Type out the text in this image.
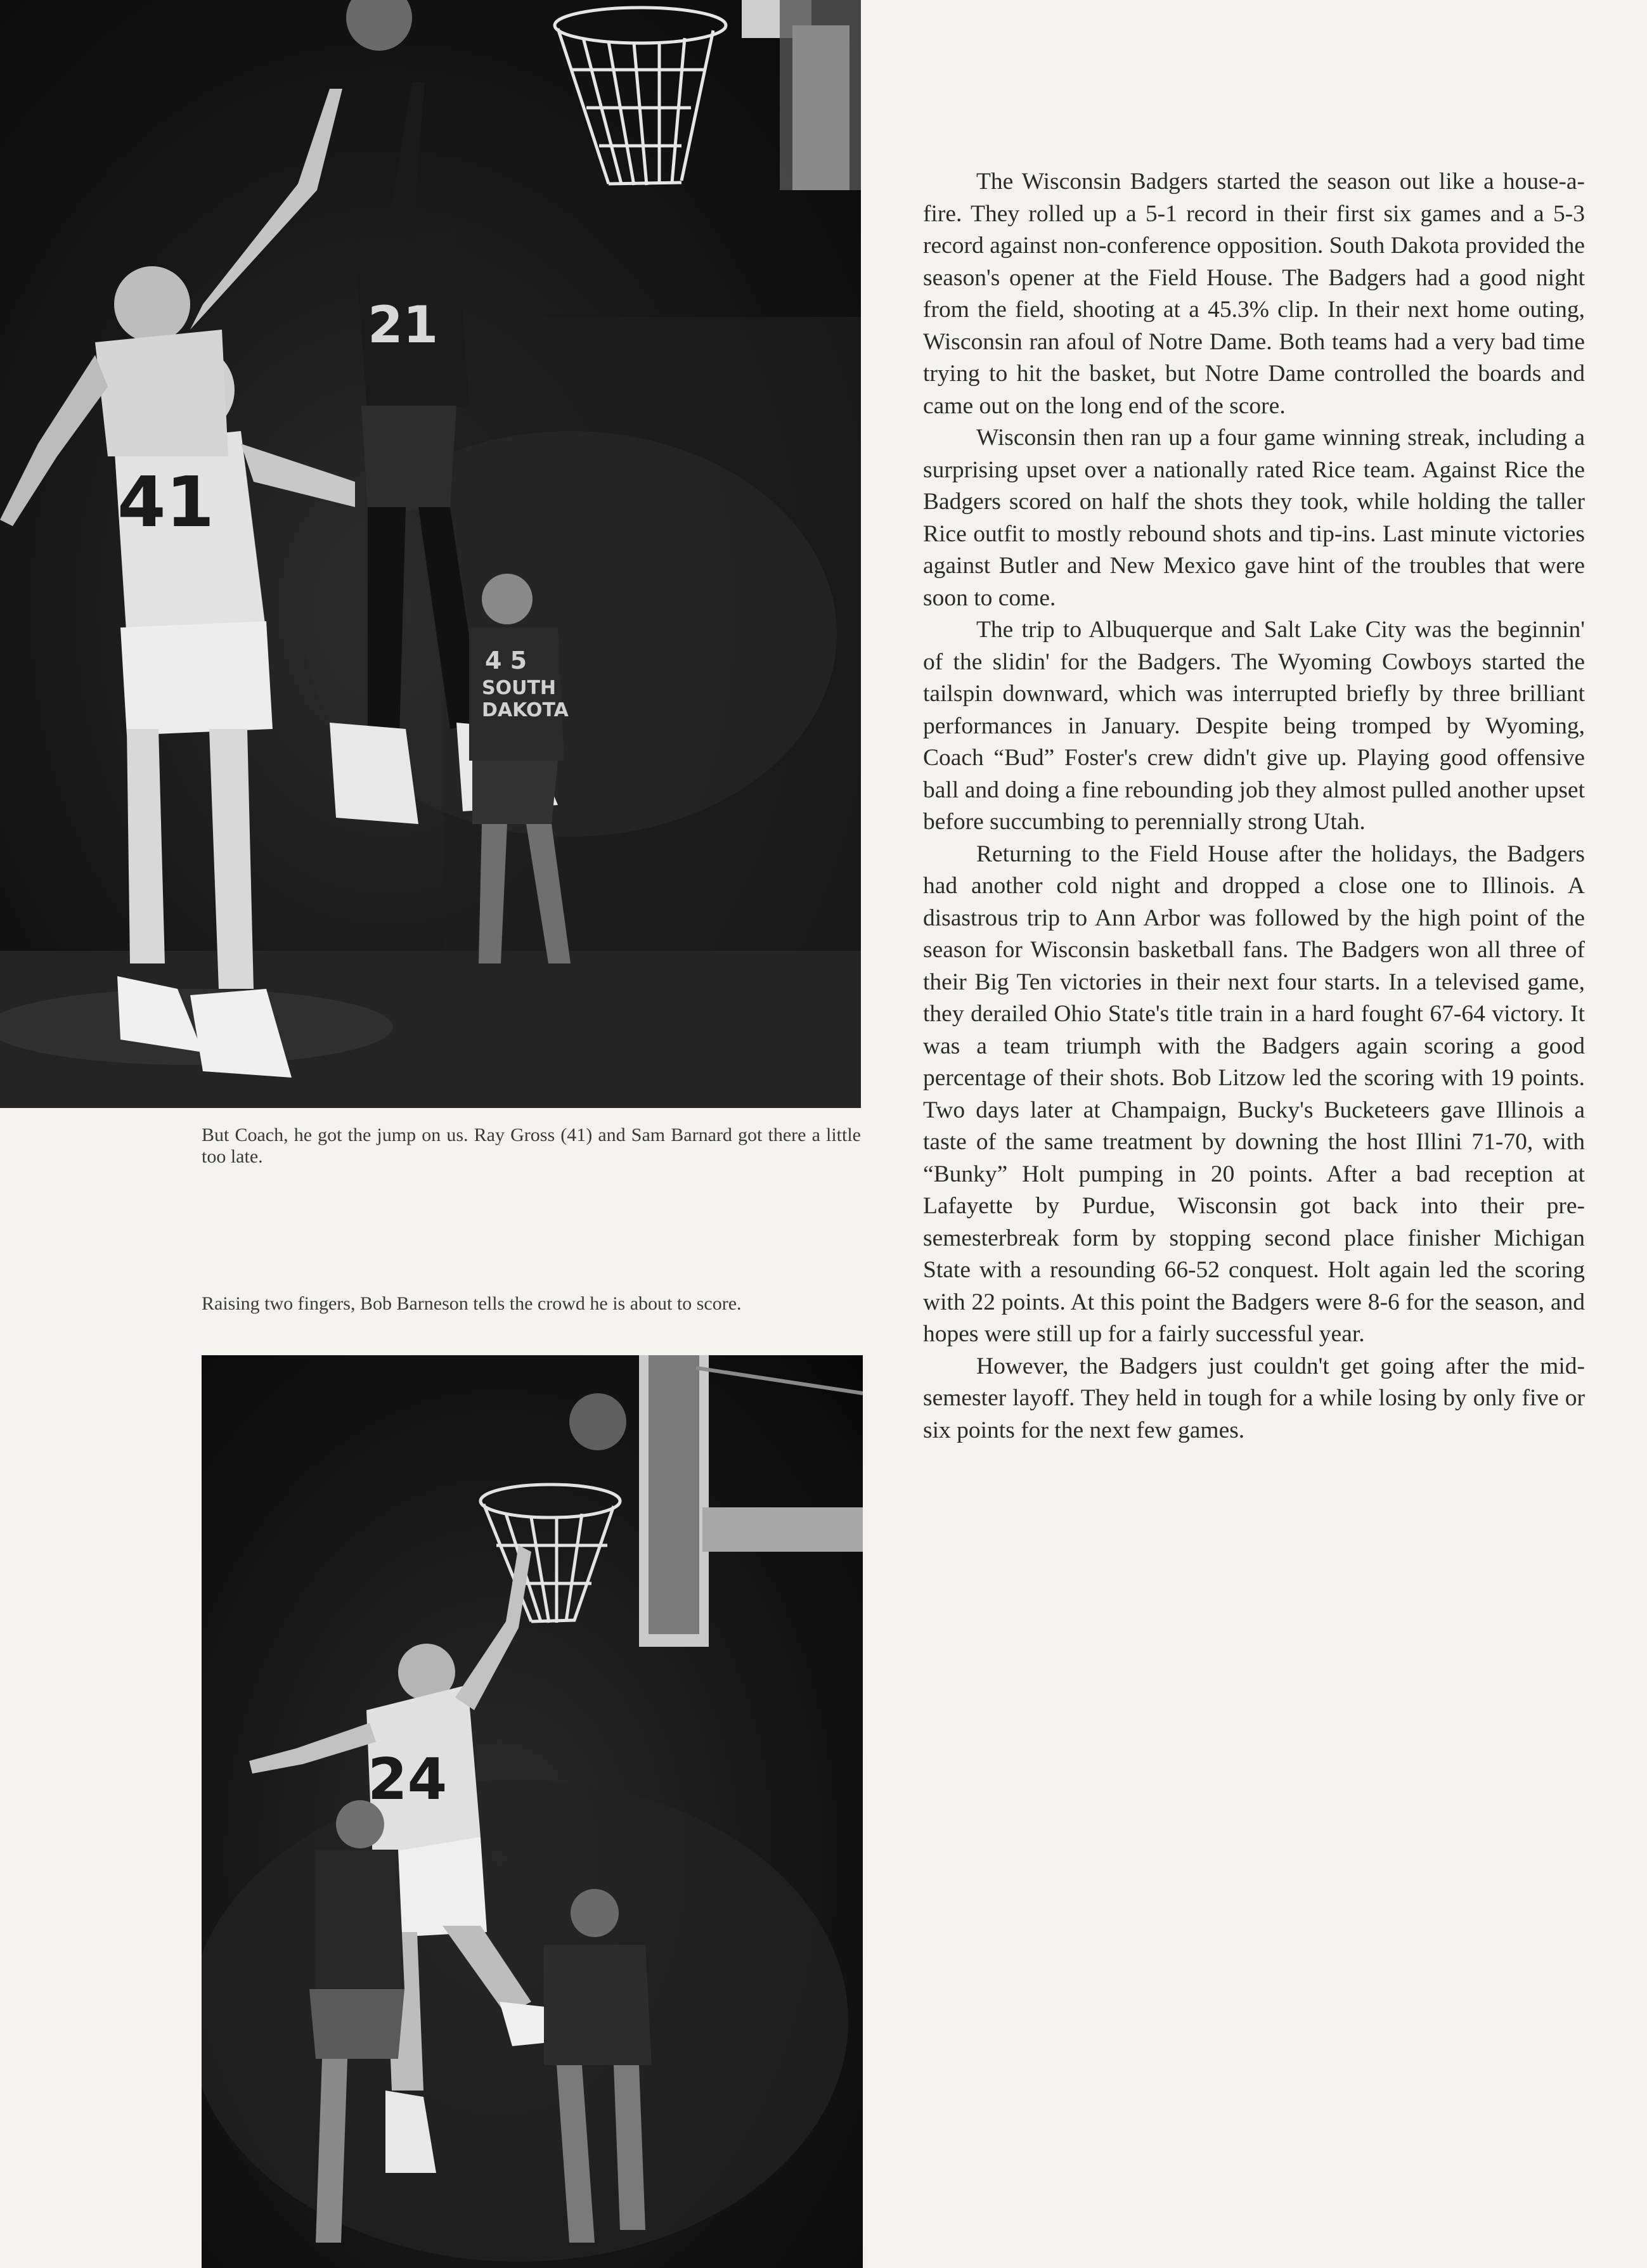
41
21
4 5
SOUTH
DAKOTA

But Coach, he got the jump on us. Ray Gross (41) and Sam Barnard got there a little too late.

Raising two fingers, Bob Barneson tells the crowd he is about to score.

24

The Wisconsin Badgers started the season out like a house-a-fire. They rolled up a 5-1 record in their first six games and a 5-3 record against non-conference opposition. South Dakota provided the season's opener at the Field House. The Badgers had a good night from the field, shooting at a 45.3% clip. In their next home outing, Wisconsin ran afoul of Notre Dame. Both teams had a very bad time trying to hit the basket, but Notre Dame controlled the boards and came out on the long end of the score.

Wisconsin then ran up a four game winning streak, including a surprising upset over a nationally rated Rice team. Against Rice the Badgers scored on half the shots they took, while holding the taller Rice outfit to mostly rebound shots and tip-ins. Last minute victories against Butler and New Mexico gave hint of the troubles that were soon to come.

The trip to Albuquerque and Salt Lake City was the beginnin' of the slidin' for the Badgers. The Wyoming Cowboys started the tailspin downward, which was interrupted briefly by three brilliant performances in January. Despite being tromped by Wyoming, Coach “Bud” Foster's crew didn't give up. Playing good offensive ball and doing a fine rebounding job they almost pulled another upset before succumbing to perennially strong Utah.

Returning to the Field House after the holidays, the Badgers had another cold night and dropped a close one to Illinois. A disastrous trip to Ann Arbor was followed by the high point of the season for Wisconsin basketball fans. The Badgers won all three of their Big Ten victories in their next four starts. In a televised game, they derailed Ohio State's title train in a hard fought 67-64 victory. It was a team triumph with the Badgers again scoring a good percentage of their shots. Bob Litzow led the scoring with 19 points. Two days later at Champaign, Bucky's Bucketeers gave Illinois a taste of the same treatment by downing the host Illini 71-70, with “Bunky” Holt pumping in 20 points. After a bad reception at Lafayette by Purdue, Wisconsin got back into their pre-semesterbreak form by stopping second place finisher Michigan State with a resounding 66-52 conquest. Holt again led the scoring with 22 points. At this point the Badgers were 8-6 for the season, and hopes were still up for a fairly successful year.

However, the Badgers just couldn't get going after the mid-semester layoff. They held in tough for a while losing by only five or six points for the next few games.
